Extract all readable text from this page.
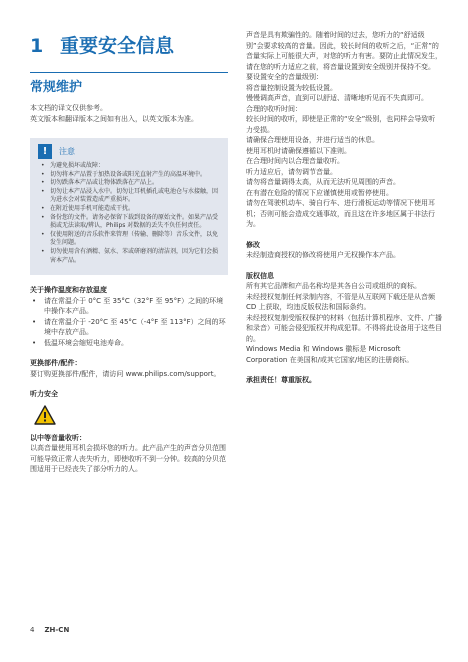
1 重要安全信息
常规维护

本文档的译文仅供参考。

英文版本和翻译版本之间如有出入，以英文版本为准。

!	注意
• 为避免损坏或故障：
• 切勿将本产品置于加热设备或阳光直射产生的高温环境中。
• 切勿跌落本产品或让物体跌落在产品上。
• 切勿让本产品浸入水中。切勿让耳机插孔或电池仓与水接触，因为进水会对装置造成严重损坏。
• 在附近使用手机可能造成干扰。
• 备份您的文件。请务必保留下载到设备的原始文件。如果产品受损或无法读取/辨认，Philips 对数据的丢失不负任何责任。
• 仅使用附送的音乐软件来管理（传输、删除等）音乐文件，以免发生问题。
• 切勿使用含有酒精、氨水、苯或研磨剂的清洁剂，因为它们会损害本产品。

关于操作温度和存放温度

• 请在常温介于 0°C 至 35°C（32°F 至 95°F）之间的环境中操作本产品。
• 请在常温介于 -20°C 至 45°C（-4°F 至 113°F）之间的环境中存放产品。
• 低温环境会缩短电池寿命。

更换部件/配件：

要订购更换部件/配件，请访问 www.philips.com/support。

听力安全

以中等音量收听：

以高音量使用耳机会损坏您的听力。此产品产生的声音分贝范围可能导致正常人丧失听力，即使收听不到一分钟。较高的分贝范围适用于已经丧失了部分听力的人。

声音是具有欺骗性的。随着时间的过去，您听力的“舒适级别”会要求较高的音量。因此，较长时间的收听之后，“正常”的音量实际上可能很大声，对您的听力有害。要防止此情况发生，请在您的听力适应之前，将音量设置到安全级别并保持不变。

要设置安全的音量级别：

将音量控制设置为较低设置。

慢慢调高声音，直到可以舒适、清晰地听见而不失真即可。

合理的收听时间：

较长时间的收听，即使是正常的“安全”级别，也同样会导致听力受损。

请确保合理使用设备，并进行适当的休息。

使用耳机时请确保遵循以下准则。

在合理时间内以合理音量收听。

听力适应后，请勿调节音量。

请勿将音量调得太高，从而无法听见周围的声音。

在有潜在危险的情况下应谨慎使用或暂停使用。

请勿在驾驶机动车、骑自行车、进行滑板运动等情况下使用耳机；否则可能会造成交通事故，而且这在许多地区属于非法行为。

修改

未经制造商授权的修改将使用户无权操作本产品。

版权信息

所有其它品牌和产品名称均是其各自公司或组织的商标。

未经授权复制任何录制内容，不管是从互联网下载还是从音频 CD 上获取，均违反版权法和国际条约。

未经授权复制受版权保护的材料（包括计算机程序、文件、广播和录音）可能会侵犯版权并构成犯罪。不得将此设备用于这些目的。

Windows Media 和 Windows 徽标是 Microsoft Corporation 在美国和/或其它国家/地区的注册商标。

承担责任！尊重版权。

4 ZH-CN
